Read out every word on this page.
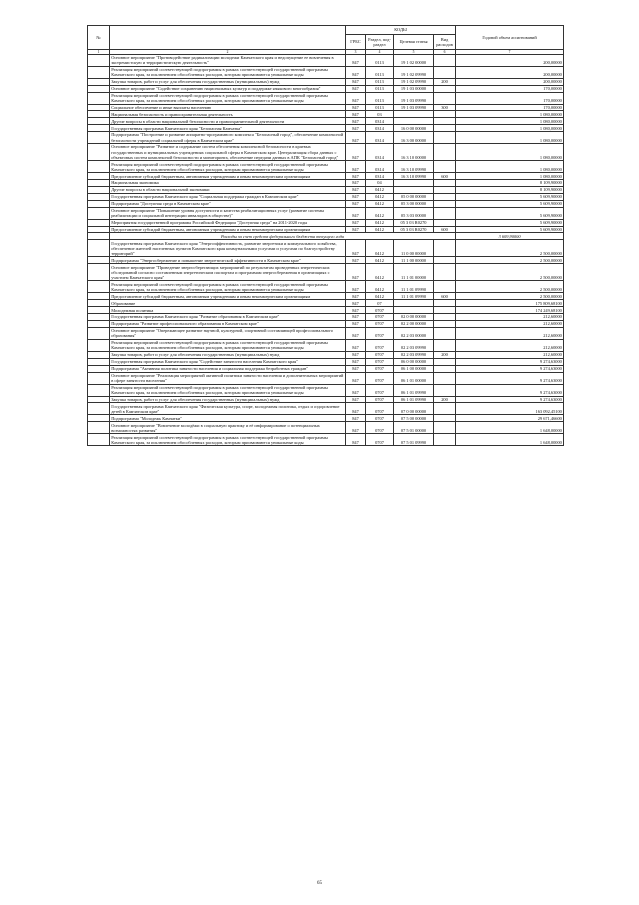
№		КОДЫ				Годовой объем ассигнований
		ГРБС	Раздел, под-раздел	Целевая статья	Вид расходов	
1	2	3	4	5	6	7
	Основное мероприятие "Противодействие радикализации молодежи Камчатского края и недопущение ее вовлечения в экстремистскую и террористическую деятельность"	847	0113	19 1 02 00000		200,00000
	Реализация мероприятий соответствующей подпрограммы в рамках соответствующей государственной программы Камчатского края, за исключением обособленных расходов, которым присваиваются уникальные коды	847	0113	19 1 02 09990		200,00000
	Закупка товаров, работ и услуг для обеспечения государственных (муниципальных) нужд	847	0113	19 1 02 09990	200	200,00000
	Основное мероприятие "Содействие сохранению национальных культур и поддержке языкового многообразия"	847	0113	19 1 03 00000		170,00000
	Реализация мероприятий соответствующей подпрограммы в рамках соответствующей государственной программы Камчатского края, за исключением обособленных расходов, которым присваиваются уникальные коды	847	0113	19 1 03 09990		170,00000
	Социальное обеспечение и иные выплаты населению	847	0113	19 1 03 09990	300	170,00000
	Национальная безопасность и правоохранительная деятельность	847	03			1 080,00000
	Другие вопросы в области национальной безопасности и правоохранительной деятельности	847	0314			1 080,00000
	Государственная программа Камчатского края "Безопасная Камчатка"	847	0314	16 0 00 00000		1 080,00000
	Подпрограмма "Построение и развитие аппаратно-программного комплекса "Безопасный город", обеспечение комплексной безопасности учреждений социальной сферы в Камчатском крае"	847	0314	16 3 00 00000		1 080,00000
	Основное мероприятие "Развитие и содержание систем обеспечения комплексной безопасности в краевых государственных и муниципальных учреждениях социальной сферы в Камчатском крае. Централизация сбора данных с объектовых систем комплексной безопасности и мониторинга, обеспечение передачи данных в АПК "Безопасный город"	847	0314	16 3 10 00000		1 080,00000
	Реализация мероприятий соответствующей подпрограммы в рамках соответствующей государственной программы Камчатского края, за исключением обособленных расходов, которым присваиваются уникальные коды	847	0314	16 3 10 09990		1 080,00000
	Предоставление субсидий бюджетным, автономным учреждениям и иным некоммерческим организациям	847	0314	16 3 10 09990	600	1 080,00000
	Национальная экономика	847	04			8 109,90000
	Другие вопросы в области национальной экономики	847	0412			8 109,90000
	Государственная программа Камчатского края "Социальная поддержка граждан в Камчатском крае"	847	0412	05 0 00 00000		5 609,90000
	Подпрограмма "Доступная среда в Камчатском крае"	847	0412	05 3 00 00000		5 609,90000
	Основное мероприятие "Повышение уровня доступности и качества реабилитационных услуг (развитие системы реабилитации и социальной интеграции инвалидов в обществе)"	847	0412	05 3 03 00000		5 609,90000
	Мероприятия государственной программы Российской Федерации "Доступная среда" на 2011-2020 годы	847	0412	05 3 03 R0270		5 609,90000
	Предоставление субсидий бюджетным, автономным учреждениям и иным некоммерческим организациям	847	0412	05 3 03 R0270	600	5 609,90000
	Расходы за счет средств федерального бюджета текущего года					3 609,90000
	Государственная программа Камчатского края "Энергоэффективность, развитие энергетики и коммунального хозяйства, обеспечение жителей населенных пунктов Камчатского края коммунальными услугами и услугами по благоустройству территорий"	847	0412	11 0 00 00000		2 500,00000
	Подпрограмма "Энергосбережение и повышение энергетической эффективности в Камчатском крае"	847	0412	11 1 00 00000		2 500,00000
	Основное мероприятие "Проведение энергосберегающих мероприятий по результатам проведенных энергетических обследований согласно составленным энергетическим паспортам и программам энергосбережения в организациях с участием Камчатского края"	847	0412	11 1 01 00000		2 500,00000
	Реализация мероприятий соответствующей подпрограммы в рамках соответствующей государственной программы Камчатского края, за исключением обособленных расходов, которым присваиваются уникальные коды	847	0412	11 1 01 09990		2 500,00000
	Предоставление субсидий бюджетным, автономным учреждениям и иным некоммерческим организациям	847	0412	11 1 01 09990	600	2 500,00000
	Образование	847	07			175 809,68100
	Молодежная политика	847	0707			174 249,68100
	Государственная программа Камчатского края "Развитие образования в Камчатском крае"	847	0707	02 0 00 00000		212,60000
	Подпрограмма "Развитие профессионального образования в Камчатском крае"	847	0707	02 2 00 00000		212,60000
	Основное мероприятие "Опережающее развитие научной, культурной, спортивной составляющей профессионального образования"	847	0707	02 2 03 00000		212,60000
	Реализация мероприятий соответствующей подпрограммы в рамках соответствующей государственной программы Камчатского края, за исключением обособленных расходов, которым присваиваются уникальные коды	847	0707	02 2 03 09990		212,60000
	Закупка товаров, работ и услуг для обеспечения государственных (муниципальных) нужд	847	0707	02 2 03 09990	200	212,60000
	Государственная программа Камчатского края "Содействие занятости населения Камчатского края"	847	0707	06 0 00 00000		9 274,63000
	Подпрограмма "Активная политика занятости населения и социальная поддержка безработных граждан"	847	0707	06 1 00 00000		9 274,63000
	Основное мероприятие "Реализация мероприятий активной политики занятости населения и дополнительных мероприятий в сфере занятости населения"	847	0707	06 1 01 00000		9 274,63000
	Реализация мероприятий соответствующей подпрограммы в рамках соответствующей государственной программы Камчатского края, за исключением обособленных расходов, которым присваиваются уникальные коды	847	0707	06 1 01 09990		9 274,63000
	Закупка товаров, работ и услуг для обеспечения государственных (муниципальных) нужд	847	0707	06 1 01 09990	200	9 274,63000
	Государственная программа Камчатского края "Физическая культура, спорт, молодежная политика, отдых и оздоровление детей в Камчатском крае"	847	0707	07 0 00 00000		163 092,45100
	Подпрограмма "Молодежь Камчатки"	847	0707	07 5 00 00000		29 671,46600
	Основное мероприятие "Вовлечение молодёжи в социальную практику и её информирование о потенциальных возможностях развития"	847	0707	07 5 01 00000		1 648,00000
	Реализация мероприятий соответствующей подпрограммы в рамках соответствующей государственной программы Камчатского края, за исключением обособленных расходов, которым присваиваются уникальные коды	847	0707	07 5 01 09990		1 648,00000
65
